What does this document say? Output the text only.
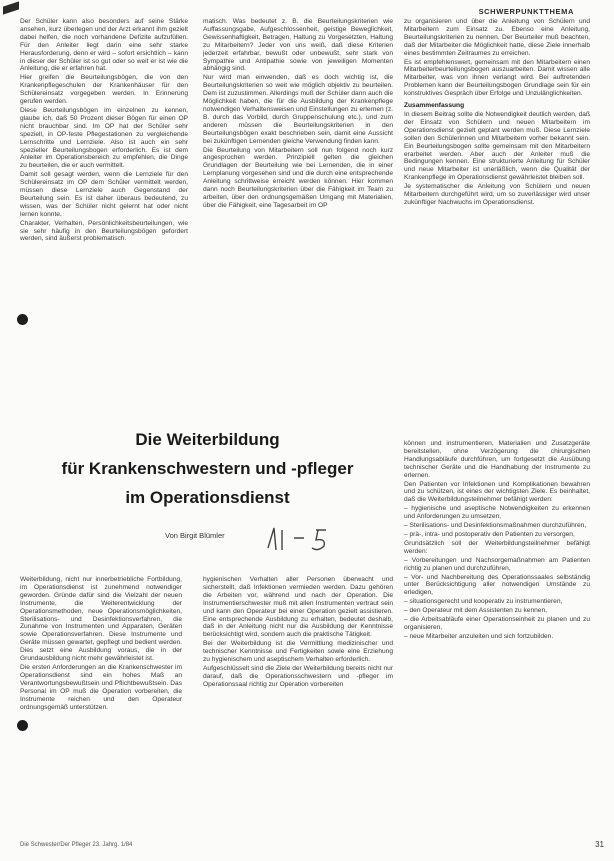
SCHWERPUNKTTHEMA

Der Schüler kann also besonders auf seine Stärke ansehen, kurz überlegen und der Arzt erkannt ihm gezielt dabei helfen, die noch vorhandene Defizite aufzufüllen. Für den Anleiter liegt darin eine sehr starke Herausforderung, denn er wird – sofort ersichtlich – kann in dieser der Schüler ist so gut oder so weit er ist wie die Anleitung, die er erfahren hat.

Hier greifen die Beurteilungsbögen, die von den Krankenpflegeschulen der Krankenhäuser für den Schülereinsatz vorgegeben werden. In Erinnerung gerufen werden.

Diese Beurteilungsbögen im einzelnen zu kennen, glaube ich, daß 50 Prozent dieser Bögen für einen OP nicht brauchbar sind. Im OP hat der Schüler sehr speziell, in OP-feste Pflegestationen zu vergleichende Lernschritte und Lernziele. Also ist auch ein sehr spezieller Beurteilungsbogen erforderlich. Es ist dem Anleiter im Operationsbereich zu empfehlen, die Dinge zu beurteilen, die er auch vermittelt.

Damit soll gesagt werden, wenn die Lernziele für den Schülereinsatz im OP dem Schüler vermittelt werden, müssen diese Lernziele auch Gegenstand der Beurteilung sein. Es ist daher überaus bedeutend, zu wissen, was der Schüler nicht gelernt hat oder nicht lernen konnte.

Charakter, Verhalten, Persönlichkeitsbeurteilungen, wie sie sehr häufig in den Beurteilungsbögen gefordert werden, sind äußerst problematisch.

matisch. Was bedeutet z. B. die Beurteilungskriterien wie Auffassungsgabe, Aufgeschlossenheit, geistige Beweglichkeit, Gewissenhaftigkeit, Betragen, Haltung zu Vorgesetzten, Haltung zu Mitarbeitern? Jeder von uns weiß, daß diese Kriterien jederzeit erfahrbar, bewußt oder unbewußt, sehr stark von Sympathie und Antipathie sowie von jeweiligen Momenten abhängig sind.

Nur wird man einwenden, daß es doch wichtig ist, die Beurteilungskriterien so weit wie möglich objektiv zu beurteilen. Dem ist zuzustimmen. Allerdings muß der Schüler dann auch die Möglichkeit haben, die für die Ausbildung der Krankenpflege notwendigen Verhaltensweisen und Einstellungen zu erlernen (z. B. durch das Vorbild, durch Gruppenschulung etc.), und zum anderen müssen die Beurteilungskriterien in den Beurteilungsbögen exakt beschrieben sein, damit eine Aussicht bei zukünftigen Lernenden gleiche Verwendung finden kann.

Die Beurteilung von Mitarbeitern soll nun folgend noch kurz angesprochen werden. Prinzipiell gelten die gleichen Grundlagen der Beurteilung wie bei Lernenden, die in einer Lernplanung vorgesehen sind und die durch eine entsprechende Anleitung schrittweise erreicht werden können. Hier kommen dann noch Beurteilungskriterien über die Fähigkeit im Team zu arbeiten, über den ordnungsgemäßen Umgang mit Materialien, über die Fähigkeit, eine Tagesarbeit im OP

zu organisieren und über die Anleitung von Schülern und Mitarbeitern zum Einsatz zu. Ebenso eine Anleitung, Beurteilungskriterien zu nennen. Der Beurteiler muß beachten, daß der Mitarbeiter die Möglichkeit hatte, diese Ziele innerhalb eines bestimmten Zeitraumes zu erreichen.

Es ist empfehlenswert, gemeinsam mit den Mitarbeitern einen Mitarbeiterbeurteilungsbogen auszuarbeiten. Damit wissen alle Mitarbeiter, was von ihnen verlangt wird. Bei auftretenden Problemen kann der Beurteilungsbogen Grundlage sein für ein konstruktives Gespräch über Erfolge und Unzulänglichkeiten.

Zusammenfassung

In diesem Beitrag sollte die Notwendigkeit deutlich werden, daß der Einsatz von Schülern und neuen Mitarbeitern im Operationsdienst gezielt geplant werden muß. Diese Lernziele sollen den Schülerinnen und Mitarbeitern vorher bekannt sein. Ein Beurteilungsbogen sollte gemeinsam mit den Mitarbeitern erarbeitet werden. Aber auch der Anleiter muß die Bedingungen kennen. Eine strukturierte Anleitung für Schüler und neue Mitarbeiter ist unerläßlich, wenn die Qualität der Krankenpflege im Operationsdienst gewährleistet bleiben soll.

Je systematischer die Anleitung von Schülern und neuen Mitarbeitern durchgeführt wird, um so zuverlässiger wird unser zukünftiger Nachwuchs im Operationsdienst.

Die Weiterbildung
für Krankenschwestern und -pfleger
im Operationsdienst
Von Birgit Blümler

Weiterbildung, nicht nur innerbetriebliche Fortbildung, im Operationsdienst ist zunehmend notwendiger geworden. Gründe dafür sind die Vielzahl der neuen Instrumente, die Weiterentwicklung der Operationsmethoden, neue Operationsmöglichkeiten, Sterilisations- und Desinfektionsverfahren, die Zunahme von Instrumenten und Apparaten, Geräten sowie Operationsverfahren. Diese Instrumente und Geräte müssen gewartet, gepflegt und bedient werden. Dies setzt eine Ausbildung voraus, die in der Grundausbildung nicht mehr gewährleistet ist.

Die ersten Anforderungen an die Krankenschwester im Operationsdienst sind ein hohes Maß an Verantwortungsbewußtsein und Pflichtbewußtsein. Das Personal im OP muß die Operation vorbereiten, die Instrumente reichen und den Operateur ordnungsgemäß unterstützen.

hygienischen Verhalten aller Personen überwacht und sicherstellt, daß Infektionen vermieden werden. Dazu gehören die Arbeiten vor, während und nach der Operation. Die Instrumentierschwester muß mit allen Instrumenten vertraut sein und kann den Operateur bei einer Operation gezielt assistieren. Eine entsprechende Ausbildung zu erhalten, bedeutet deshalb, daß in der Anleitung nicht nur die Ausbildung der Kenntnisse berücksichtigt wird, sondern auch die praktische Tätigkeit.

Bei der Weiterbildung ist die Vermittlung medizinischer und technischer Kenntnisse und Fertigkeiten sowie eine Erziehung zu hygienischem und aseptischem Verhalten erforderlich.

Aufgeschlüsselt sind die Ziele der Weiterbildung bereits nicht nur darauf, daß die Operationsschwestern und -pfleger im Operationssaal richtig zur Operation vorbereiten

können und instrumentieren, Materialien und Zusatzgeräte bereitstellen, ohne Verzögerung die chirurgischen Handlungsabläufe durchführen, um fortgesetzt die Ausübung technischer Geräte und die Handhabung der Instrumente zu erlernen.

Den Patienten vor Infektionen und Komplikationen bewahren und zu schützen, ist eines der wichtigsten Ziele. Es beinhaltet, daß die Weiterbildungsteilnehmer befähigt werden:

– hygienische und aseptische Notwendigkeiten zu erkennen und Anforderungen zu umsetzen,

– Sterilisations- und Desinfektionsmaßnahmen durchzuführen,

– prä-, intra- und postoperativ den Patienten zu versorgen,

Grundsätzlich soll der Weiterbildungsteilnehmer befähigt werden:

– Vorbereitungen und Nachsorgemaßnahmen am Patienten richtig zu planen und durchzuführen,

– Vor- und Nachbereitung des Operationssaales selbständig unter Berücksichtigung aller notwendigen Umstände zu erledigen,

– situationsgerecht und kooperativ zu instrumentieren,

– den Operateur mit dem Assistenten zu kennen,

– die Arbeitsabläufe einer Operationseinheit zu planen und zu organisieren,

– neue Mitarbeiter anzuleiten und sich fortzubilden.

Die Schwester/Der Pfleger 23. Jahrg. 1/84	31
